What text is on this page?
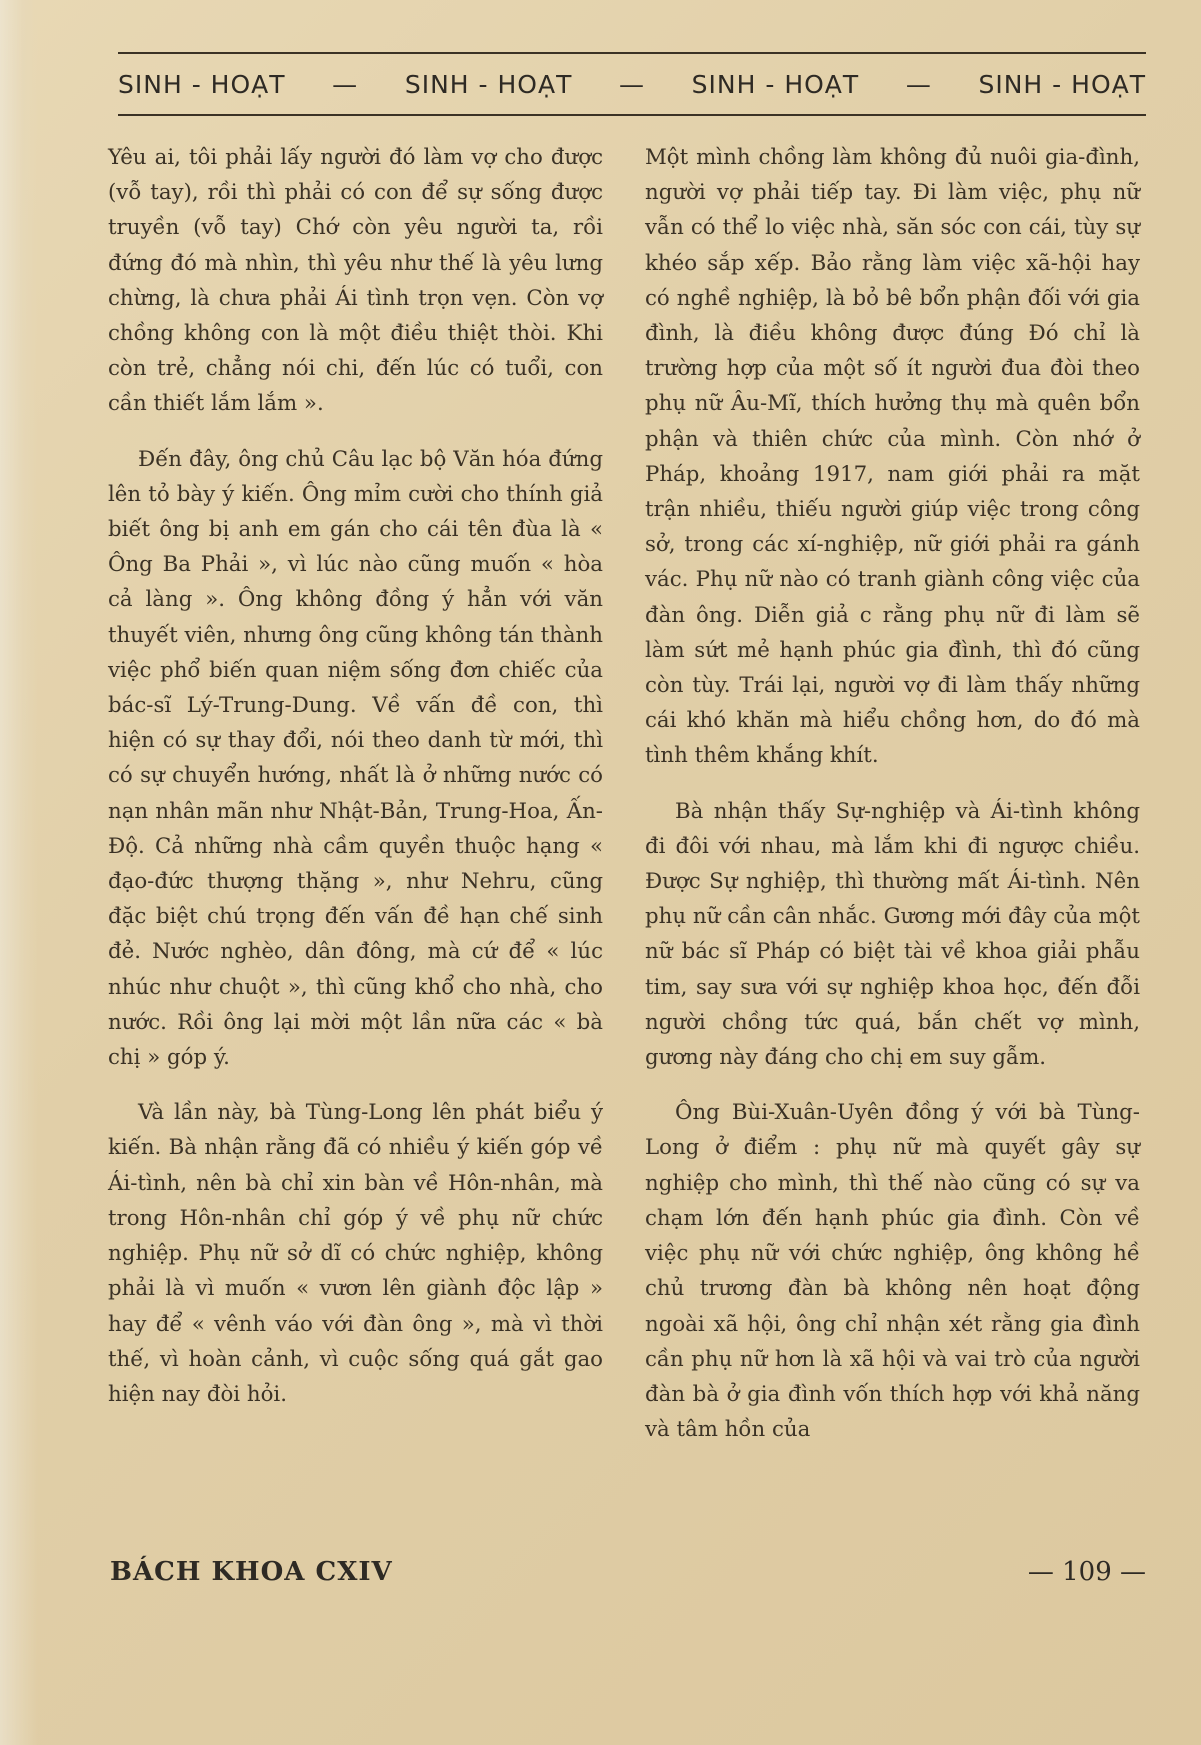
SINH - HOẠT — SINH - HOẠT — SINH - HOẠT — SINH - HOẠT

Yêu ai, tôi phải lấy người đó làm vợ cho được (vỗ tay), rồi thì phải có con để sự sống được truyền (vỗ tay) Chớ còn yêu người ta, rồi đứng đó mà nhìn, thì yêu như thế là yêu lưng chừng, là chưa phải Ái tình trọn vẹn. Còn vợ chồng không con là một điều thiệt thòi. Khi còn trẻ, chẳng nói chi, đến lúc có tuổi, con cần thiết lắm lắm ».

Đến đây, ông chủ Câu lạc bộ Văn hóa đứng lên tỏ bày ý kiến. Ông mỉm cười cho thính giả biết ông bị anh em gán cho cái tên đùa là « Ông Ba Phải », vì lúc nào cũng muốn « hòa cả làng ». Ông không đồng ý hẳn với văn thuyết viên, nhưng ông cũng không tán thành việc phổ biến quan niệm sống đơn chiếc của bác-sĩ Lý-Trung-Dung. Về vấn đề con, thì hiện có sự thay đổi, nói theo danh từ mới, thì có sự chuyển hướng, nhất là ở những nước có nạn nhân mãn như Nhật-Bản, Trung-Hoa, Ấn-Độ. Cả những nhà cầm quyền thuộc hạng « đạo-đức thượng thặng », như Nehru, cũng đặc biệt chú trọng đến vấn đề hạn chế sinh đẻ. Nước nghèo, dân đông, mà cứ để « lúc nhúc như chuột », thì cũng khổ cho nhà, cho nước. Rồi ông lại mời một lần nữa các « bà chị » góp ý.

Và lần này, bà Tùng-Long lên phát biểu ý kiến. Bà nhận rằng đã có nhiều ý kiến góp về Ái-tình, nên bà chỉ xin bàn về Hôn-nhân, mà trong Hôn-nhân chỉ góp ý về phụ nữ chức nghiệp. Phụ nữ sở dĩ có chức nghiệp, không phải là vì muốn « vươn lên giành độc lập » hay để « vênh váo với đàn ông », mà vì thời thế, vì hoàn cảnh, vì cuộc sống quá gắt gao hiện nay đòi hỏi.

Một mình chồng làm không đủ nuôi gia-đình, người vợ phải tiếp tay. Đi làm việc, phụ nữ vẫn có thể lo việc nhà, săn sóc con cái, tùy sự khéo sắp xếp. Bảo rằng làm việc xã-hội hay có nghề nghiệp, là bỏ bê bổn phận đối với gia đình, là điều không được đúng Đó chỉ là trường hợp của một số ít người đua đòi theo phụ nữ Âu-Mĩ, thích hưởng thụ mà quên bổn phận và thiên chức của mình. Còn nhớ ở Pháp, khoảng 1917, nam giới phải ra mặt trận nhiều, thiếu người giúp việc trong công sở, trong các xí-nghiệp, nữ giới phải ra gánh vác. Phụ nữ nào có tranh giành công việc của đàn ông. Diễn giả c rằng phụ nữ đi làm sẽ làm sứt mẻ hạnh phúc gia đình, thì đó cũng còn tùy. Trái lại, người vợ đi làm thấy những cái khó khăn mà hiểu chồng hơn, do đó mà tình thêm khắng khít.

Bà nhận thấy Sự-nghiệp và Ái-tình không đi đôi với nhau, mà lắm khi đi ngược chiều. Được Sự nghiệp, thì thường mất Ái-tình. Nên phụ nữ cần cân nhắc. Gương mới đây của một nữ bác sĩ Pháp có biệt tài về khoa giải phẫu tim, say sưa với sự nghiệp khoa học, đến đỗi người chồng tức quá, bắn chết vợ mình, gương này đáng cho chị em suy gẫm.

Ông Bùi-Xuân-Uyên đồng ý với bà Tùng-Long ở điểm : phụ nữ mà quyết gây sự nghiệp cho mình, thì thế nào cũng có sự va chạm lớn đến hạnh phúc gia đình. Còn về việc phụ nữ với chức nghiệp, ông không hề chủ trương đàn bà không nên hoạt động ngoài xã hội, ông chỉ nhận xét rằng gia đình cần phụ nữ hơn là xã hội và vai trò của người đàn bà ở gia đình vốn thích hợp với khả năng và tâm hồn của

BÁCH KHOA CXIV	— 109 —
